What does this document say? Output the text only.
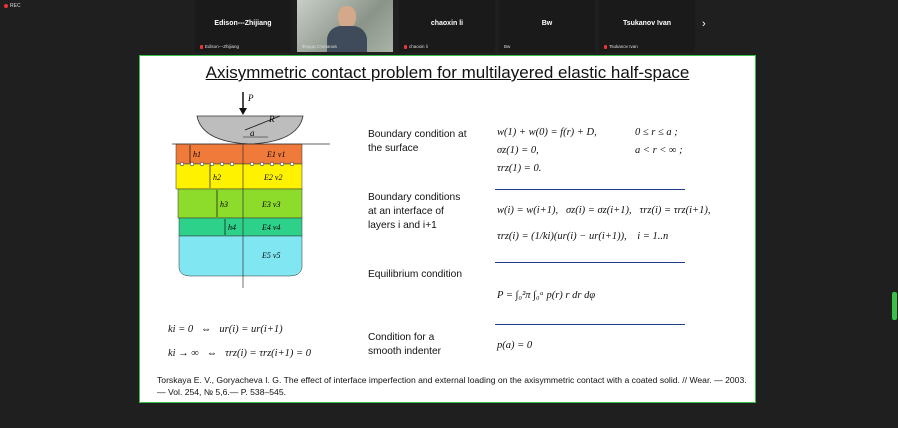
REC
Edison---Zhijiang
Edison---Zhijiang	Федор Степанов
chaoxin li
chaoxin li
Bw
Bw
Tsukanov Ivan
Tsukanov Ivan
›
Axisymmetric contact problem for multilayered elastic half-space
P
R
a
h1
h2
h3
h4
E1 v1
E2 v2
E3 v3
E4 v4
E5 v5
Boundary condition at
the surface
w(1) + w(0) = f(r) + D,	0 ≤ r ≤ a ;
σz(1) = 0,	a < r < ∞ ;
τrz(1) = 0.
Boundary conditions
at an interface of
layers i and i+1
w(i) = w(i+1),   σz(i) = σz(i+1),   τrz(i) = τrz(i+1),
τrz(i) = (1/ki)(ur(i) − ur(i+1)),    i = 1..n
Equilibrium condition
P = ∫₀²π ∫₀ᵃ p(r) r dr dφ
Condition for a
smooth indenter
p(a) = 0
ki = 0   ⇔   ur(i) = ur(i+1)
ki → ∞   ⇔   τrz(i) = τrz(i+1) = 0
Torskaya E. V., Goryacheva I. G. The effect of interface imperfection and external loading on the axisymmetric contact with a coated solid. // Wear. — 2003. — Vol. 254, № 5,6.— P. 538–545.
